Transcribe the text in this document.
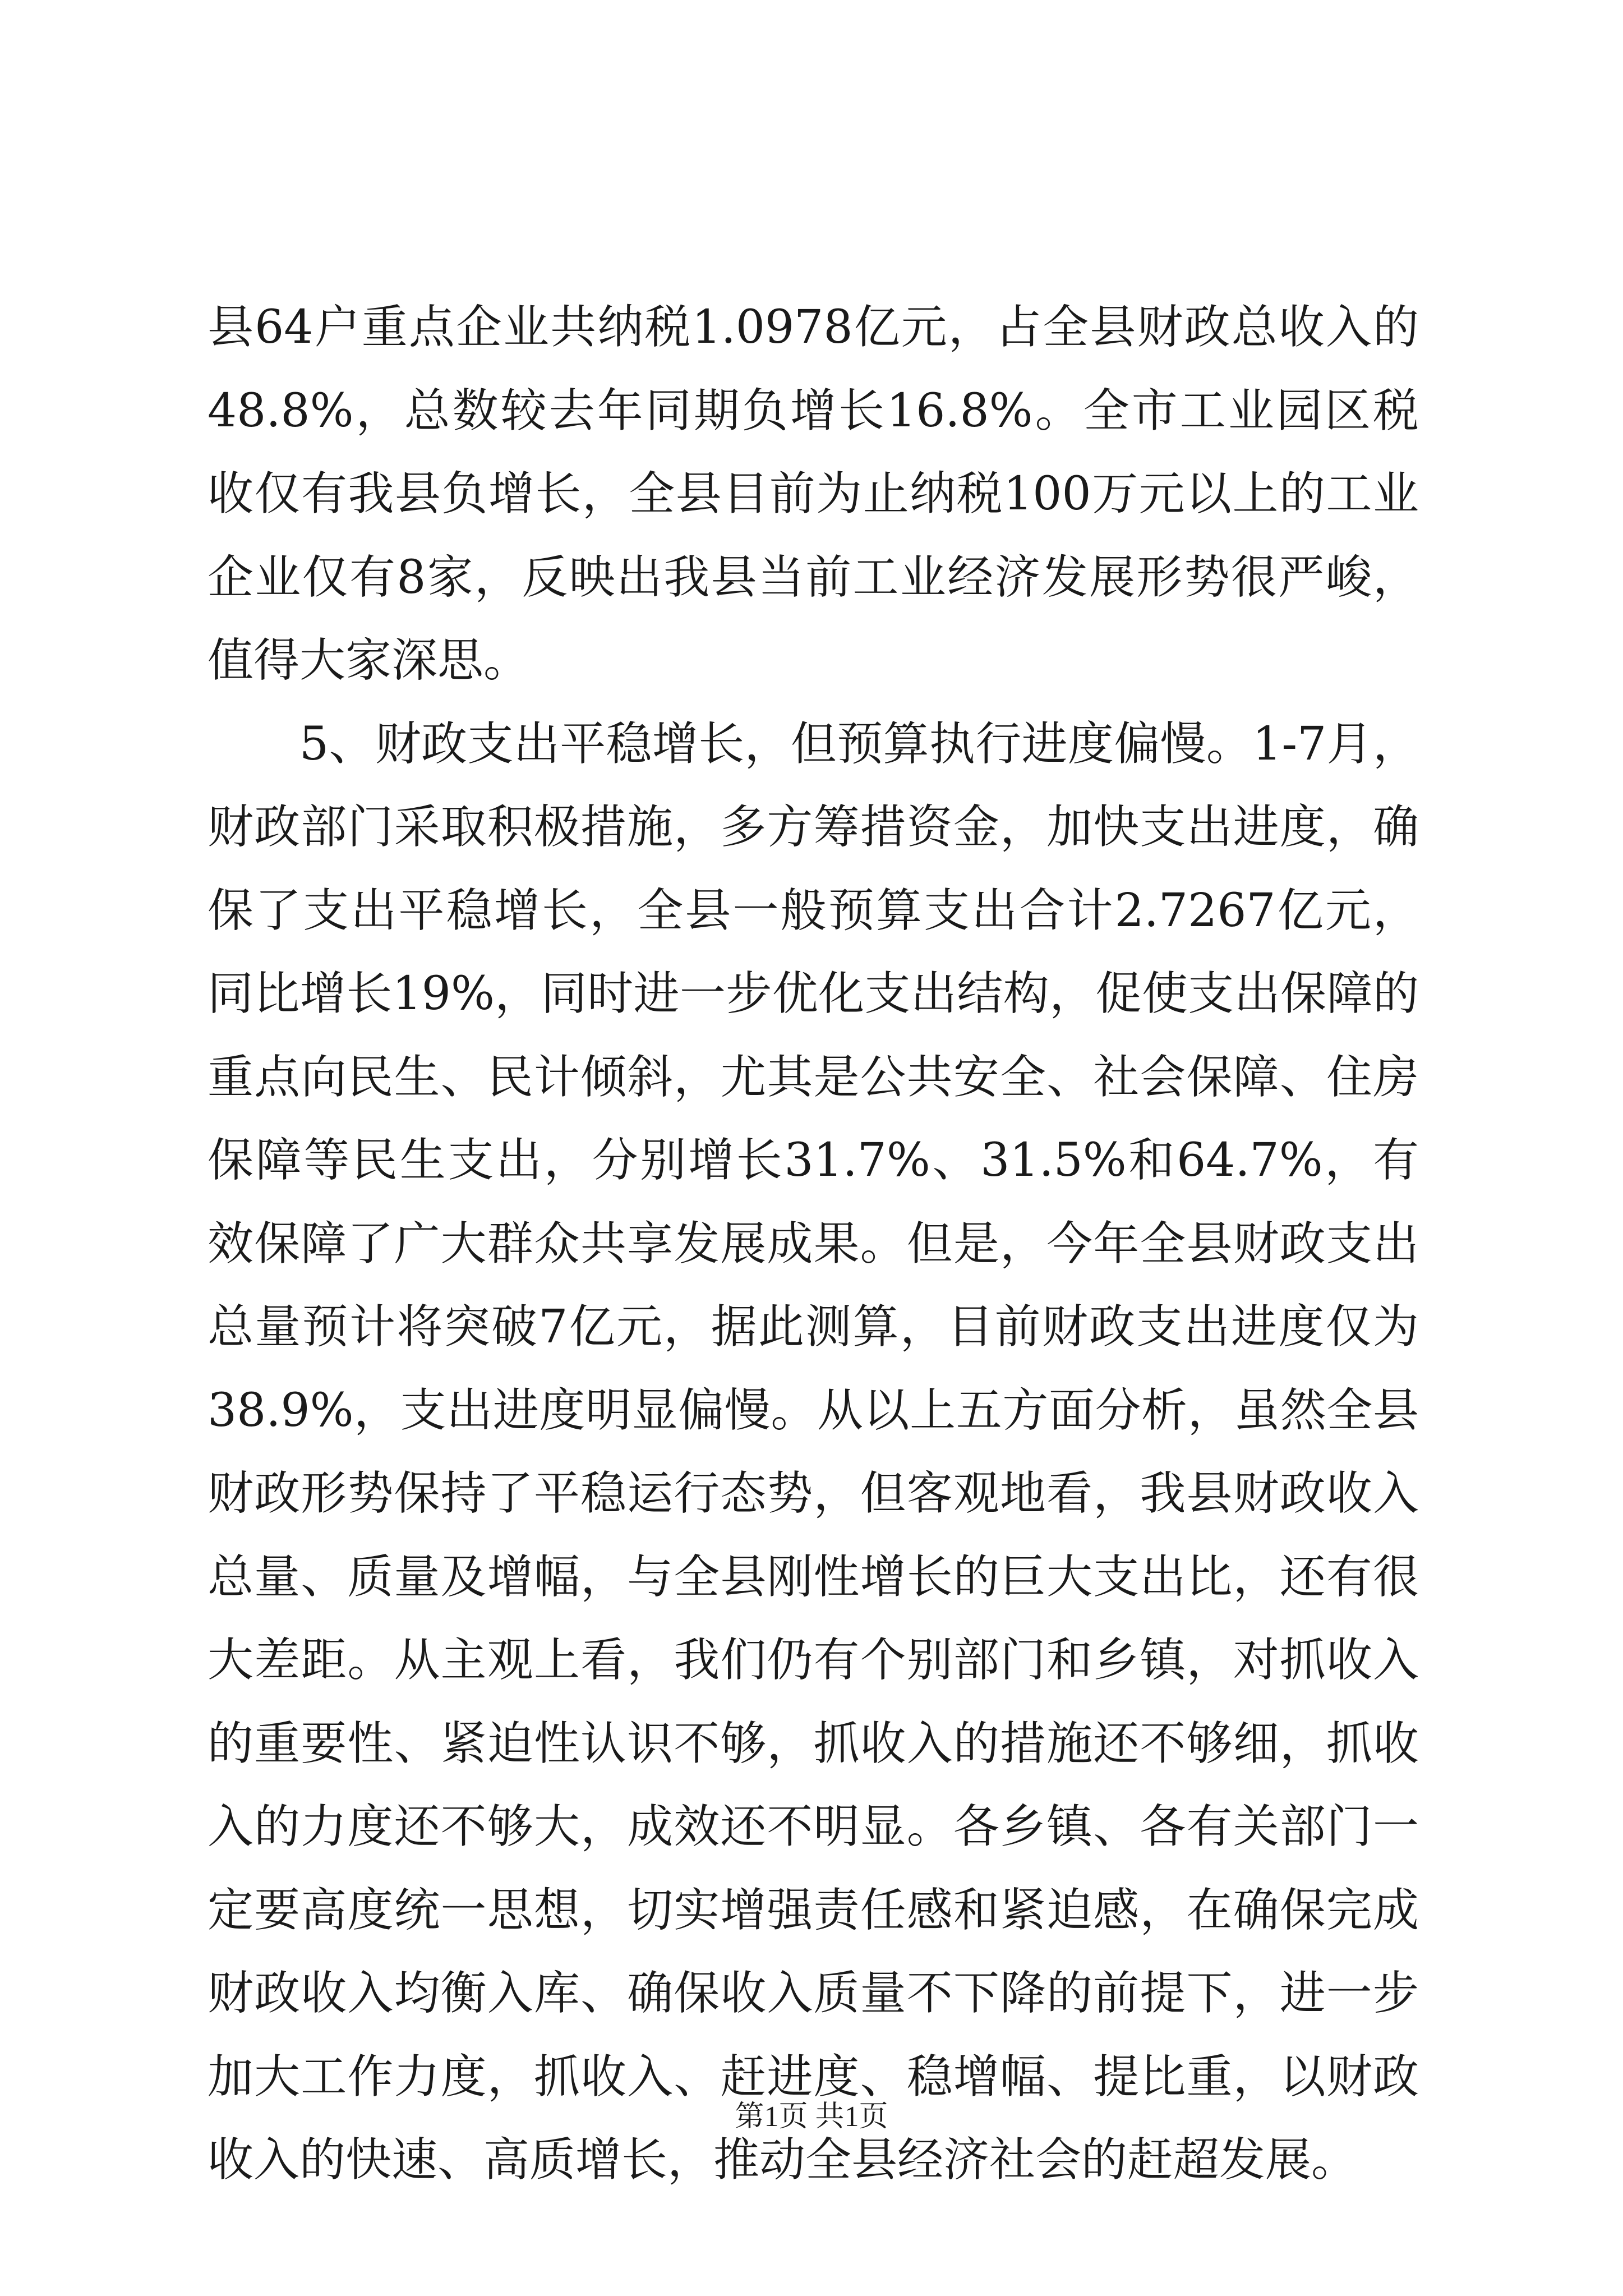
县64户重点企业共纳税1.0978亿元，占全县财政总收入的48.8%，总数较去年同期负增长16.8%。全市工业园区税收仅有我县负增长，全县目前为止纳税100万元以上的工业企业仅有8家，反映出我县当前工业经济发展形势很严峻，值得大家深思。

5、财政支出平稳增长，但预算执行进度偏慢。1-7月，财政部门采取积极措施，多方筹措资金，加快支出进度，确保了支出平稳增长，全县一般预算支出合计2.7267亿元，同比增长19%，同时进一步优化支出结构，促使支出保障的重点向民生、民计倾斜，尤其是公共安全、社会保障、住房保障等民生支出，分别增长31.7%、31.5%和64.7%，有效保障了广大群众共享发展成果。但是，今年全县财政支出总量预计将突破7亿元，据此测算，目前财政支出进度仅为38.9%，支出进度明显偏慢。从以上五方面分析，虽然全县财政形势保持了平稳运行态势，但客观地看，我县财政收入总量、质量及增幅，与全县刚性增长的巨大支出比，还有很大差距。从主观上看，我们仍有个别部门和乡镇，对抓收入的重要性、紧迫性认识不够，抓收入的措施还不够细，抓收入的力度还不够大，成效还不明显。各乡镇、各有关部门一定要高度统一思想，切实增强责任感和紧迫感，在确保完成财政收入均衡入库、确保收入质量不下降的前提下，进一步加大工作力度，抓收入、赶进度、稳增幅、提比重，以财政收入的快速、高质增长，推动全县经济社会的赶超发展。

第1页 共1页
